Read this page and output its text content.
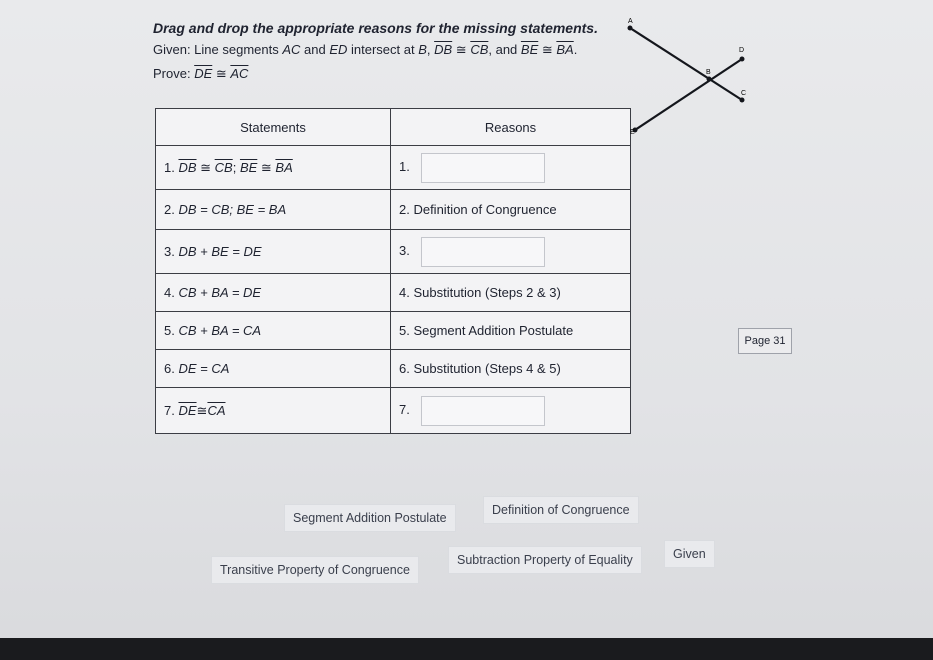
Drag and drop the appropriate reasons for the missing statements.
Given: Line segments AC and ED intersect at B, $\overline{DB}$ ≅ $\overline{CB}$, and $\overline{BE}$ ≅ $\overline{BA}$.
Prove: $\overline{DE}$ ≅ $\overline{AC}$
Statements	Reasons
1. $\overline{DB}$ ≅ $\overline{CB}$; $\overline{BE}$ ≅ $\overline{BA}$	1.
2. DB = CB; BE = BA	2. Definition of Congruence
3. DB + BE = DE	3.
4. CB + BA = DE	4. Substitution (Steps 2 & 3)
5. CB + BA = CA	5. Segment Addition Postulate
6. DE = CA	6. Substitution (Steps 4 & 5)
7. $\overline{DE}≅\overline{CA}$	7.
A
D
B
C
E
Page 31
Segment Addition Postulate
Definition of Congruence
Transitive Property of Congruence
Subtraction Property of Equality	Given
